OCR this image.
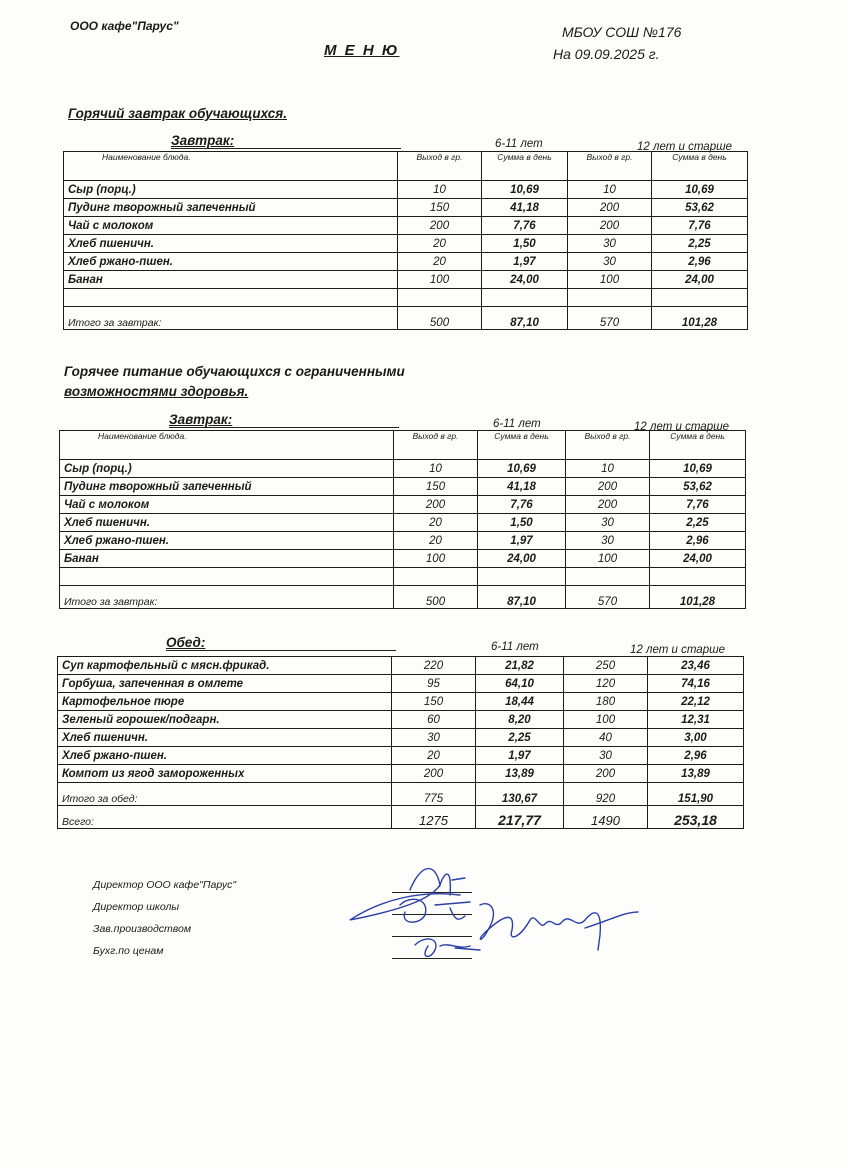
ООО кафе"Парус"
М Е Н Ю
МБОУ СОШ №176
На 09.09.2025 г.
Горячий завтрак обучающихся.
Завтрак:	6-11 лет	12 лет и старше
Наименование блюда.	Выход в гр.	Сумма в день	Выход в гр.	Сумма в день
Сыр (порц.)	10	10,69	10	10,69
Пудинг творожный запеченный	150	41,18	200	53,62
Чай с молоком	200	7,76	200	7,76
Хлеб пшеничн.	20	1,50	30	2,25
Хлеб ржано-пшен.	20	1,97	30	2,96
Банан	100	24,00	100	24,00

Итого за завтрак:	500	87,10	570	101,28
Горячее питание обучающихся с ограниченными
возможностями здоровья.
Завтрак:	6-11 лет	12 лет и старше
Наименование блюда.	Выход в гр.	Сумма в день	Выход в гр.	Сумма в день
Сыр (порц.)	10	10,69	10	10,69
Пудинг творожный запеченный	150	41,18	200	53,62
Чай с молоком	200	7,76	200	7,76
Хлеб пшеничн.	20	1,50	30	2,25
Хлеб ржано-пшен.	20	1,97	30	2,96
Банан	100	24,00	100	24,00

Итого за завтрак:	500	87,10	570	101,28
Обед:	6-11 лет	12 лет и старше
Суп картофельный с мясн.фрикад.	220	21,82	250	23,46
Горбуша, запеченная в омлете	95	64,10	120	74,16
Картофельное пюре	150	18,44	180	22,12
Зеленый горошек/подгарн.	60	8,20	100	12,31
Хлеб пшеничн.	30	2,25	40	3,00
Хлеб ржано-пшен.	20	1,97	30	2,96
Компот из ягод замороженных	200	13,89	200	13,89
Итого за обед:	775	130,67	920	151,90
Всего:	1275	217,77	1490	253,18
Директор ООО кафе"Парус"
Директор школы
Зав.производством
Бухг.по ценам
